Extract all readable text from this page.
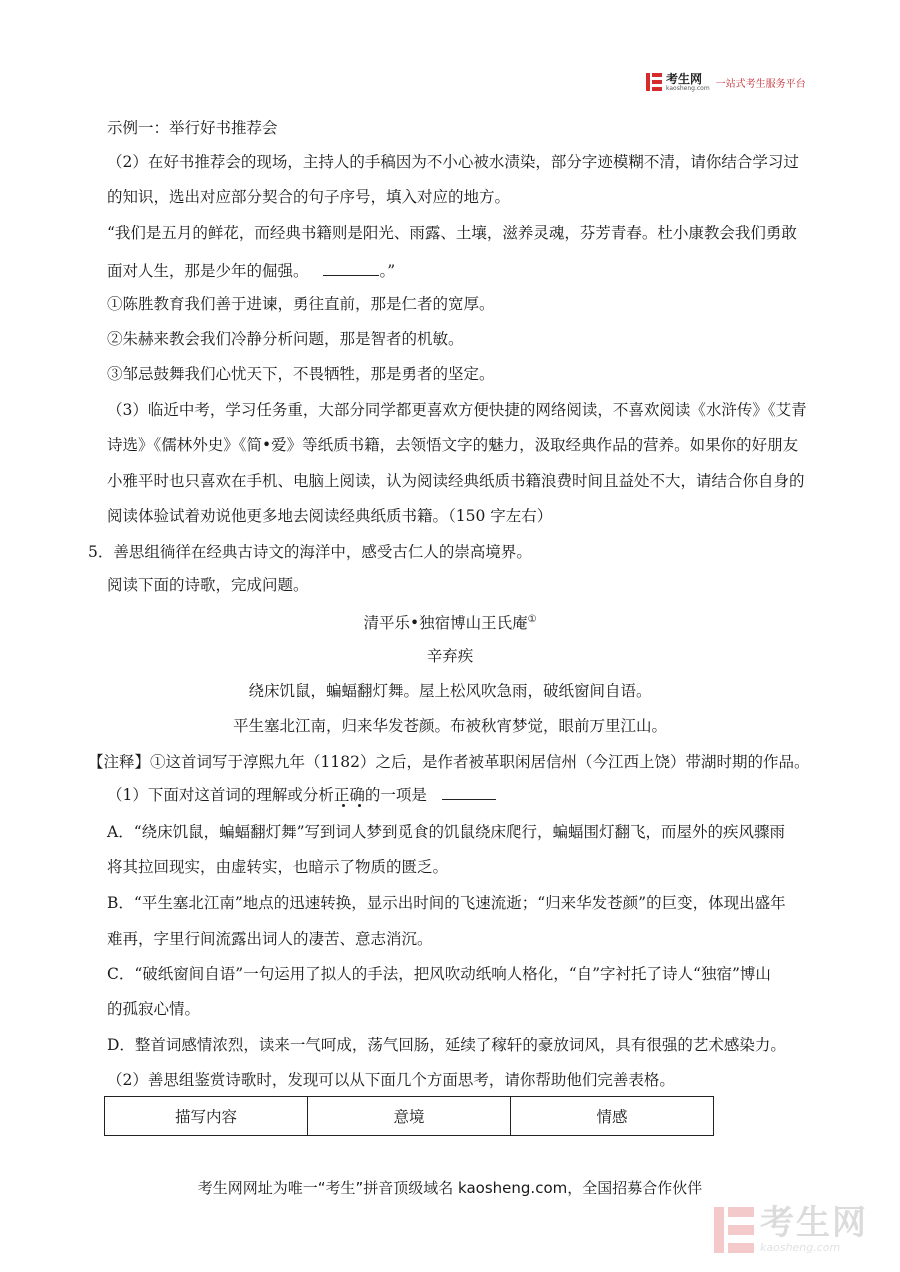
考生网
kaosheng.com 一站式考生服务平台
示例一：举行好书推荐会
（2）在好书推荐会的现场，主持人的手稿因为不小心被水渍染，部分字迹模糊不清，请你结合学习过
的知识，选出对应部分契合的句子序号，填入对应的地方。
“我们是五月的鲜花，而经典书籍则是阳光、雨露、土壤，滋养灵魂，芬芳青春。杜小康教会我们勇敢
面对人生，那是少年的倔强。	。”
①陈胜教育我们善于进谏，勇往直前，那是仁者的宽厚。
②朱赫来教会我们冷静分析问题，那是智者的机敏。
③邹忌鼓舞我们心忧天下，不畏牺牲，那是勇者的坚定。
（3）临近中考，学习任务重，大部分同学都更喜欢方便快捷的网络阅读，不喜欢阅读《水浒传》《艾青
诗选》《儒林外史》《简•爱》等纸质书籍，去领悟文字的魅力，汲取经典作品的营养。如果你的好朋友
小雅平时也只喜欢在手机、电脑上阅读，认为阅读经典纸质书籍浪费时间且益处不大，请结合你自身的
阅读体验试着劝说他更多地去阅读经典纸质书籍。（150 字左右）
5．善思组徜徉在经典古诗文的海洋中，感受古仁人的崇高境界。
阅读下面的诗歌，完成问题。
清平乐•独宿博山王氏庵①
辛弃疾
绕床饥鼠，蝙蝠翻灯舞。屋上松风吹急雨，破纸窗间自语。
平生塞北江南，归来华发苍颜。布被秋宵梦觉，眼前万里江山。
【注释】①这首词写于淳熙九年（1182）之后，是作者被革职闲居信州（今江西上饶）带湖时期的作品。
（1）下面对这首词的理解或分析正确的一项是
A．“绕床饥鼠，蝙蝠翻灯舞”写到词人梦到觅食的饥鼠绕床爬行，蝙蝠围灯翻飞，而屋外的疾风骤雨
将其拉回现实，由虚转实，也暗示了物质的匮乏。
B．“平生塞北江南”地点的迅速转换，显示出时间的飞速流逝；“归来华发苍颜”的巨变，体现出盛年
难再，字里行间流露出词人的凄苦、意志消沉。
C．“破纸窗间自语”一句运用了拟人的手法，把风吹动纸响人格化，“自”字衬托了诗人“独宿”博山
的孤寂心情。
D．整首词感情浓烈，读来一气呵成，荡气回肠，延续了稼轩的豪放词风，具有很强的艺术感染力。
（2）善思组鉴赏诗歌时，发现可以从下面几个方面思考，请你帮助他们完善表格。
描写内容	意境	情感
考生网网址为唯一“考生”拼音顶级域名 kaosheng.com，全国招募合作伙伴
考生网
kaosheng.com
